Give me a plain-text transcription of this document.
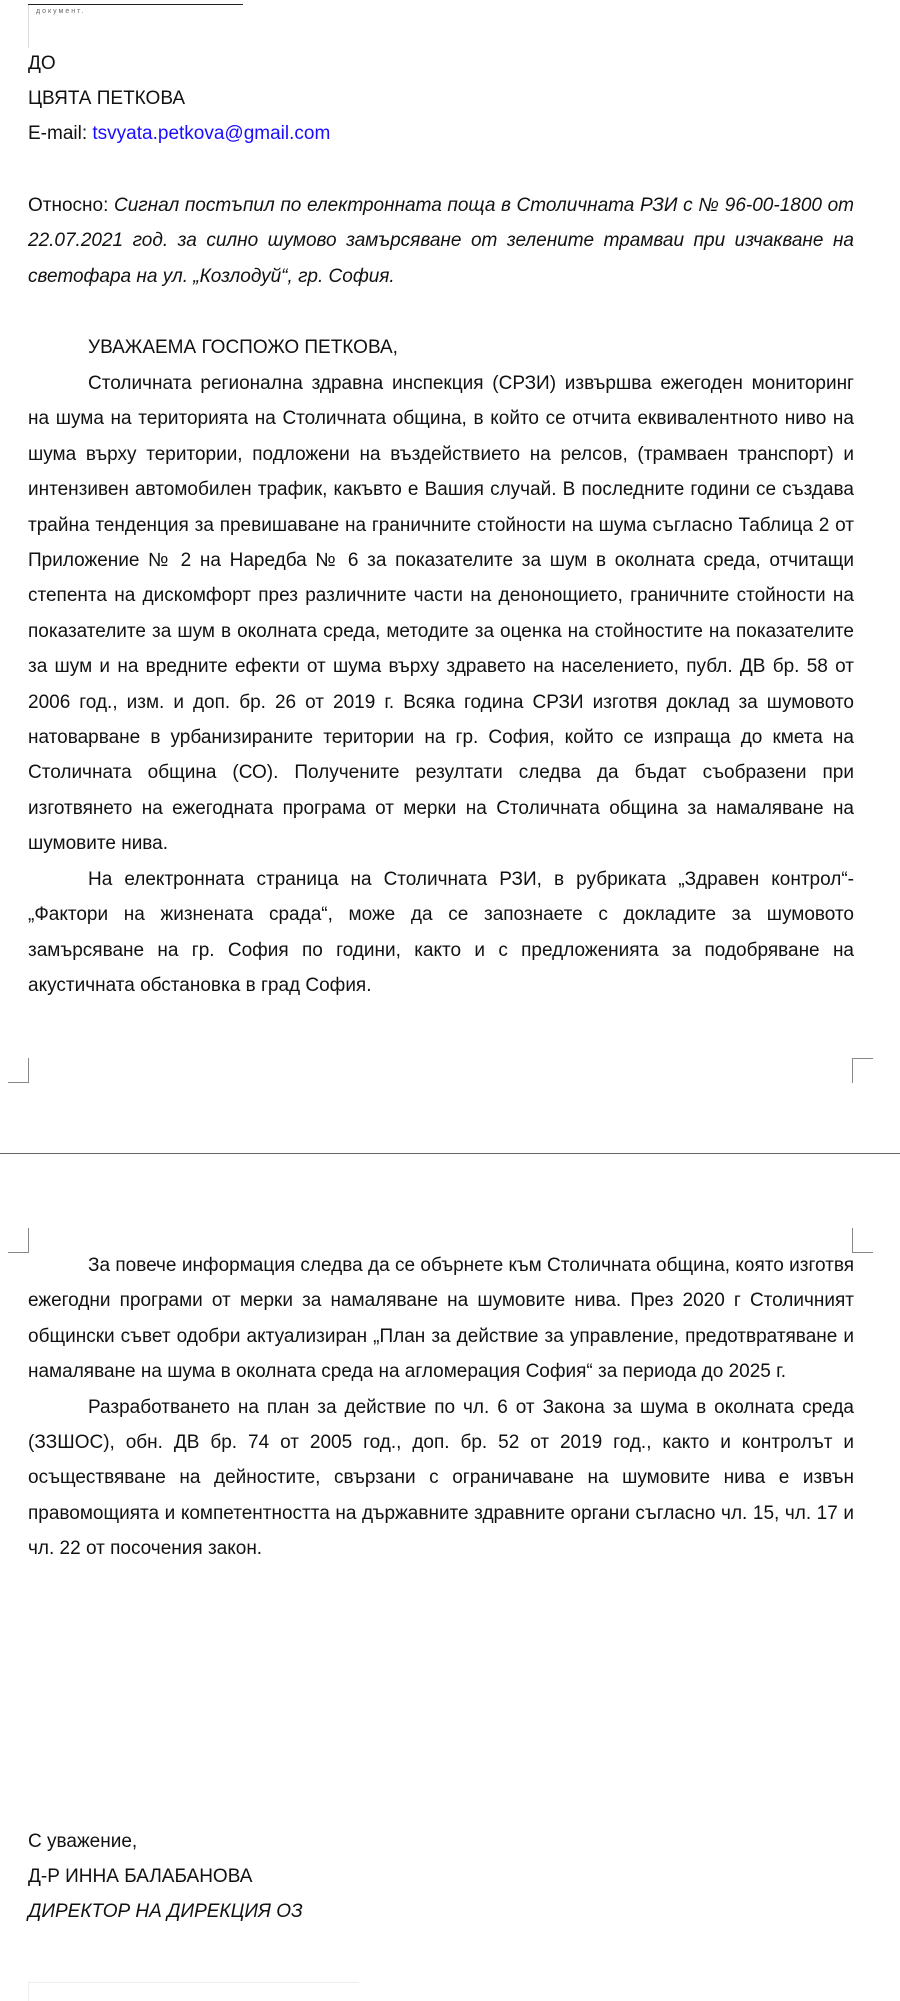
документ.
ДО
ЦВЯТА ПЕТКОВА
E-mail: tsvyata.petkova@gmail.com
Относно: Сигнал постъпил по електронната поща в Столичната РЗИ с № 96-00-1800 от 22.07.2021 год. за силно шумово замърсяване от зелените трамваи при изчакване на светофара на ул. „Козлодуй“, гр. София.
УВАЖАЕМА ГОСПОЖО ПЕТКОВА,

Столичната регионална здравна инспекция (СРЗИ) извършва ежегоден мониторинг на шума на територията на Столичната община, в който се отчита еквивалентното ниво на шума върху територии, подложени на въздействието на релсов, (трамваен транспорт) и интензивен автомобилен трафик, какъвто е Вашия случай. В последните години се създава трайна тенденция за превишаване на граничните стойности на шума съгласно Таблица 2 от Приложение № 2 на Наредба № 6 за показателите за шум в околната среда, отчитащи степента на дискомфорт през различните части на денонощието, граничните стойности на показателите за шум в околната среда, методите за оценка на стойностите на показателите за шум и на вредните ефекти от шума върху здравето на населението, публ. ДВ бр. 58 от 2006 год., изм. и доп. бр. 26 от 2019 г. Всяка година СРЗИ изготвя доклад за шумовото натоварване в урбанизираните територии на гр. София, който се изпраща до кмета на Столичната община (СО). Получените резултати следва да бъдат съобразени при изготвянето на ежегодната програма от мерки на Столичната община за намаляване на шумовите нива.

На електронната страница на Столичната РЗИ, в рубриката „Здравен контрол“-„Фактори на жизнената срада“, може да се запознаете с докладите за шумовото замърсяване на гр. София по години, както и с предложенията за подобряване на акустичната обстановка в град София.

За повече информация следва да се обърнете към Столичната община, която изготвя ежегодни програми от мерки за намаляване на шумовите нива. През 2020 г Столичният общински съвет одобри актуализиран „План за действие за управление, предотвратяване и намаляване на шума в околната среда на агломерация София“ за периода до 2025 г.

Разработването на план за действие по чл. 6 от Закона за шума в околната среда (ЗЗШОС), обн. ДВ бр. 74 от 2005 год., доп. бр. 52 от 2019 год., както и контролът и осъществяване на дейностите, свързани с ограничаване на шумовите нива е извън правомощията и компетентността на държавните здравните органи съгласно чл. 15, чл. 17 и чл. 22 от посочения закон.

С уважение,
Д-Р ИННА БАЛАБАНОВА
ДИРЕКТОР НА ДИРЕКЦИЯ ОЗ
